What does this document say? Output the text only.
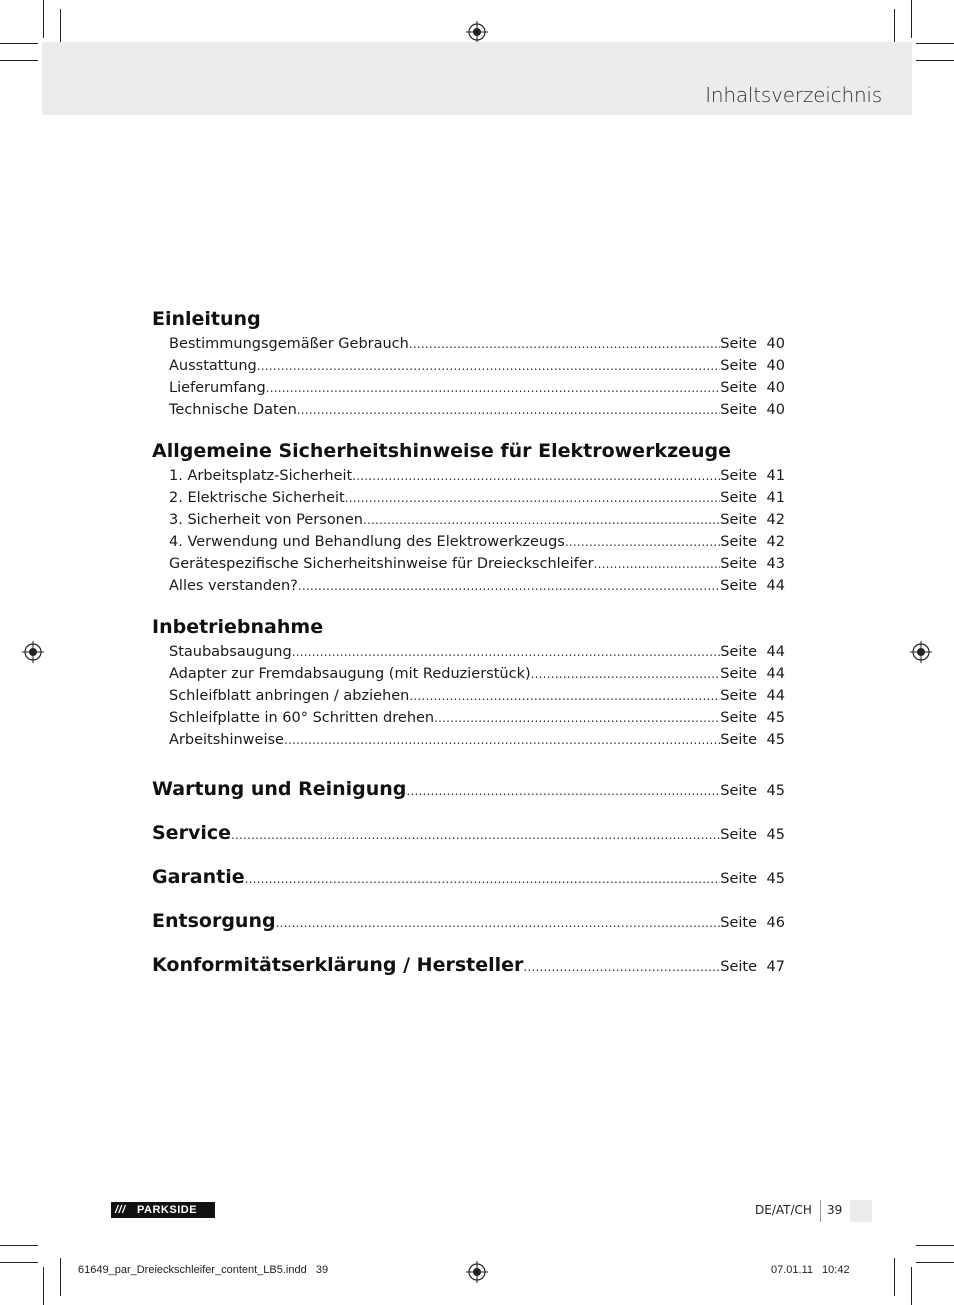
Inhaltsverzeichnis
Einleitung
Bestimmungsgemäßer Gebrauch .....	Seite 40
Ausstattung .....	Seite 40
Lieferumfang .....	Seite 40
Technische Daten .....	Seite 40
Allgemeine Sicherheitshinweise für Elektrowerkzeuge
1. Arbeitsplatz-Sicherheit .....	Seite 41
2. Elektrische Sicherheit .....	Seite 41
3. Sicherheit von Personen .....	Seite 42
4. Verwendung und Behandlung des Elektrowerkzeugs .....	Seite 42
Gerätespezifische Sicherheitshinweise für Dreieckschleifer .....	Seite 43
Alles verstanden? .....	Seite 44
Inbetriebnahme
Staubabsaugung .....	Seite 44
Adapter zur Fremdabsaugung (mit Reduzierstück) .....	Seite 44
Schleifblatt anbringen / abziehen .....	Seite 44
Schleifplatte in 60° Schritten drehen .....	Seite 45
Arbeitshinweise .....	Seite 45
Wartung und Reinigung .....	Seite 45
Service .....	Seite 45
Garantie .....	Seite 45
Entsorgung .....	Seite 46
Konformitätserklärung / Hersteller .....	Seite 47
/// PARKSIDE	DE/AT/CH 39
61649_par_Dreieckschleifer_content_LB5.indd   39	07.01.11 10:42
